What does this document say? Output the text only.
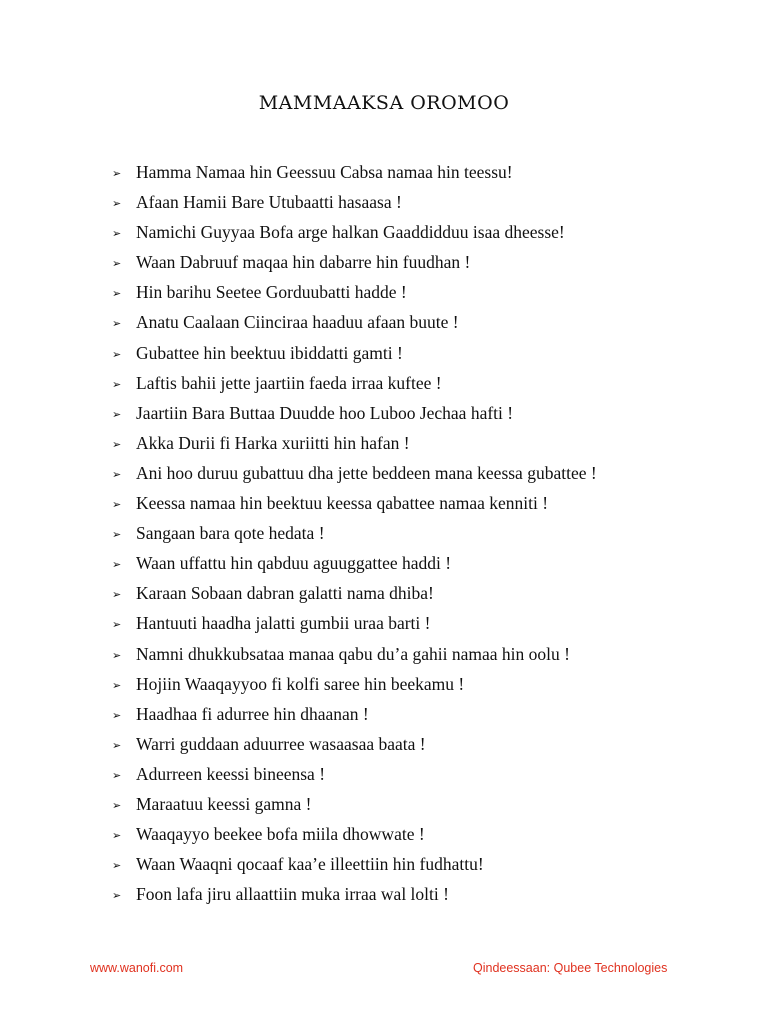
MAMMAAKSA OROMOO
➢ Hamma Namaa hin Geessuu Cabsa namaa hin teessu!
➢ Afaan Hamii Bare Utubaatti hasaasa !
➢ Namichi Guyyaa Bofa arge halkan Gaaddidduu isaa dheesse!
➢ Waan Dabruuf maqaa hin dabarre hin fuudhan !
➢ Hin barihu Seetee Gorduubatti hadde !
➢ Anatu Caalaan Ciinciraa haaduu afaan buute !
➢ Gubattee hin beektuu ibiddatti gamti !
➢ Laftis bahii jette jaartiin faeda irraa kuftee !
➢ Jaartiin Bara Buttaa Duudde hoo Luboo Jechaa hafti !
➢ Akka Durii fi Harka xuriitti hin hafan !
➢ Ani hoo duruu gubattuu dha jette beddeen mana keessa gubattee !
➢ Keessa namaa hin beektuu keessa qabattee namaa kenniti !
➢ Sangaan bara qote hedata !
➢ Waan uffattu hin qabduu aguuggattee haddi !
➢ Karaan Sobaan dabran galatti nama dhiba!
➢ Hantuuti haadha jalatti gumbii uraa barti !
➢ Namni dhukkubsataa manaa qabu du’a gahii namaa hin oolu !
➢ Hojiin Waaqayyoo fi kolfi saree hin beekamu !
➢ Haadhaa fi adurree hin dhaanan !
➢ Warri guddaan aduurree wasaasaa baata !
➢ Adurreen keessi bineensa !
➢ Maraatuu keessi gamna !
➢ Waaqayyo beekee bofa miila dhowwate !
➢ Waan Waaqni qocaaf kaa’e illeettiin hin fudhattu!
➢ Foon lafa jiru allaattiin muka irraa wal lolti !
www.wanofi.com	Qindeessaan: Qubee Technologies
